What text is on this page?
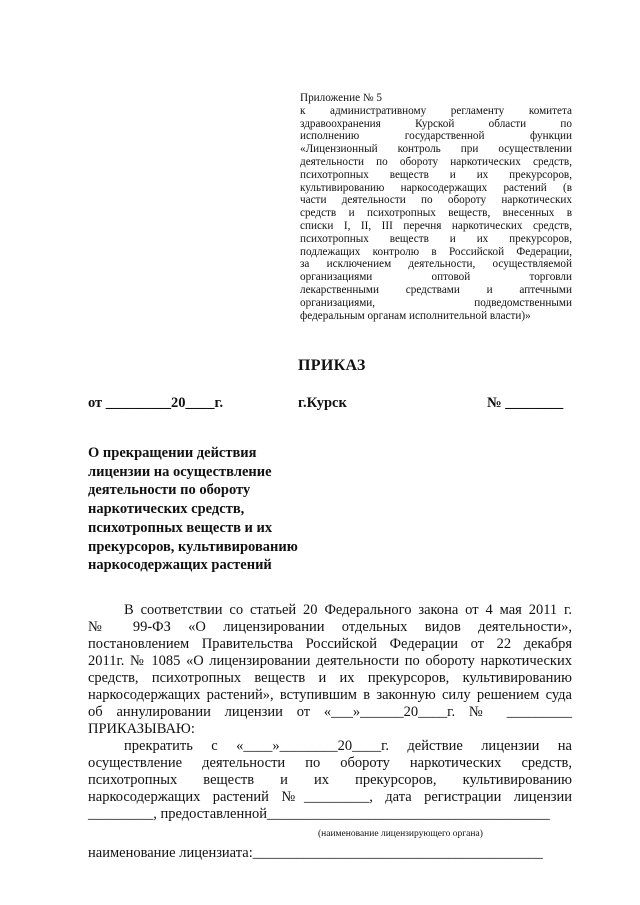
Приложение № 5
к административному регламенту комитета
здравоохранения Курской области по
исполнению государственной функции
«Лицензионный контроль при осуществлении
деятельности по обороту наркотических средств,
психотропных веществ и их прекурсоров,
культивированию наркосодержащих растений (в
части деятельности по обороту наркотических
средств и психотропных веществ, внесенных в
списки I, II, III перечня наркотических средств,
психотропных веществ и их прекурсоров,
подлежащих контролю в Российской Федерации,
за исключением деятельности, осуществляемой
организациями оптовой торговли
лекарственными средствами и аптечными
организациями, подведомственными
федеральным органам исполнительной власти)»
ПРИКАЗ
от _________20____г.	г.Курск	№ ________
О прекращении действия
лицензии на осуществление
деятельности по обороту
наркотических средств,
психотропных веществ и их
прекурсоров, культивированию
наркосодержащих растений
В соответствии со статьей 20 Федерального закона от 4 мая 2011 г.
№ 99-ФЗ «О лицензировании отдельных видов деятельности»,
постановлением Правительства Российской Федерации от 22 декабря
2011г. № 1085 «О лицензировании деятельности по обороту наркотических
средств, психотропных веществ и их прекурсоров, культивированию
наркосодержащих растений», вступившим в законную силу решением суда
об аннулировании лицензии от «___»______20____г. № _________
ПРИКАЗЫВАЮ:
прекратить с «____»________20____г. действие лицензии на
осуществление деятельности по обороту наркотических средств,
психотропных веществ и их прекурсоров, культивированию
наркосодержащих растений №_________, дата регистрации лицензии
_________, предоставленной_______________________________________
(наименование лицензирующего органа)
наименование лицензиата:________________________________________
